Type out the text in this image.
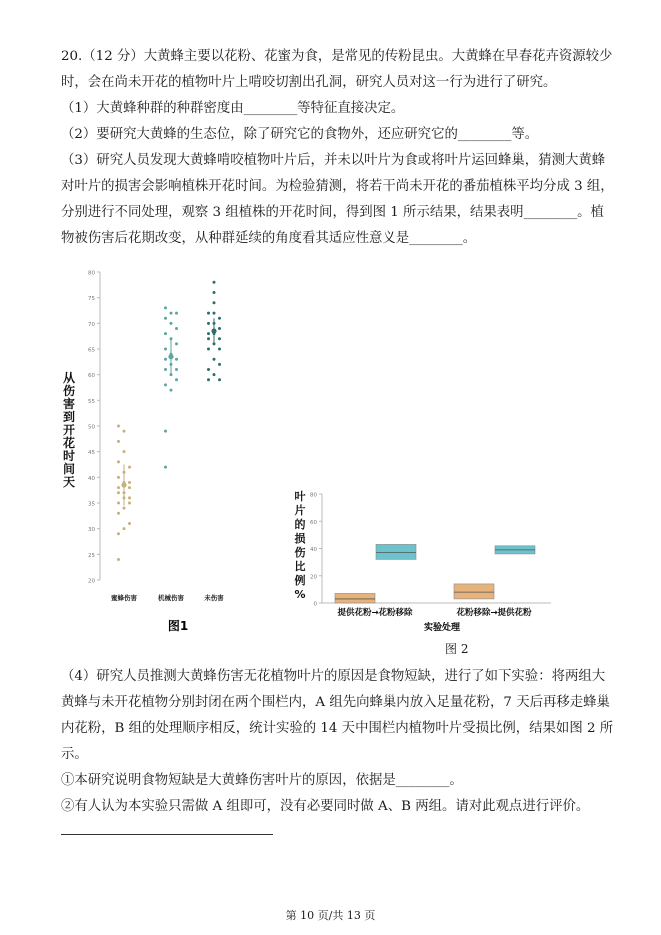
20.（12 分）大黄蜂主要以花粉、花蜜为食，是常见的传粉昆虫。大黄蜂在早春花卉资源较少
时，会在尚未开花的植物叶片上啃咬切割出孔洞，研究人员对这一行为进行了研究。
（1）大黄蜂种群的种群密度由________等特征直接决定。
（2）要研究大黄蜂的生态位，除了研究它的食物外，还应研究它的________等。
（3）研究人员发现大黄蜂啃咬植物叶片后，并未以叶片为食或将叶片运回蜂巢，猜测大黄蜂
对叶片的损害会影响植株开花时间。为检验猜测，将若干尚未开花的番茄植株平均分成 3 组，
分别进行不同处理，观察 3 组植株的开花时间，得到图 1 所示结果，结果表明________。植
物被伤害后花期改变，从种群延续的角度看其适应性意义是________。
20
25
30
35
40
45
50
55
60
65
70
75
80
蜜蜂伤害	机械伤害	未伤害
图1
从
伤
害
到
开
花
时
间
天
叶
片
的
损
伤
比
例
%
0
20
40
60
80
提供花粉→花粉移除	花粉移除→提供花粉
实验处理
图 2
（4）研究人员推测大黄蜂伤害无花植物叶片的原因是食物短缺，进行了如下实验：将两组大
黄蜂与未开花植物分别封闭在两个围栏内，A 组先向蜂巢内放入足量花粉，7 天后再移走蜂巢
内花粉，B 组的处理顺序相反，统计实验的 14 天中围栏内植物叶片受损比例，结果如图 2 所
示。
①本研究说明食物短缺是大黄蜂伤害叶片的原因，依据是________。
②有人认为本实验只需做 A 组即可，没有必要同时做 A、B 两组。请对此观点进行评价。
第 10 页/共 13 页
